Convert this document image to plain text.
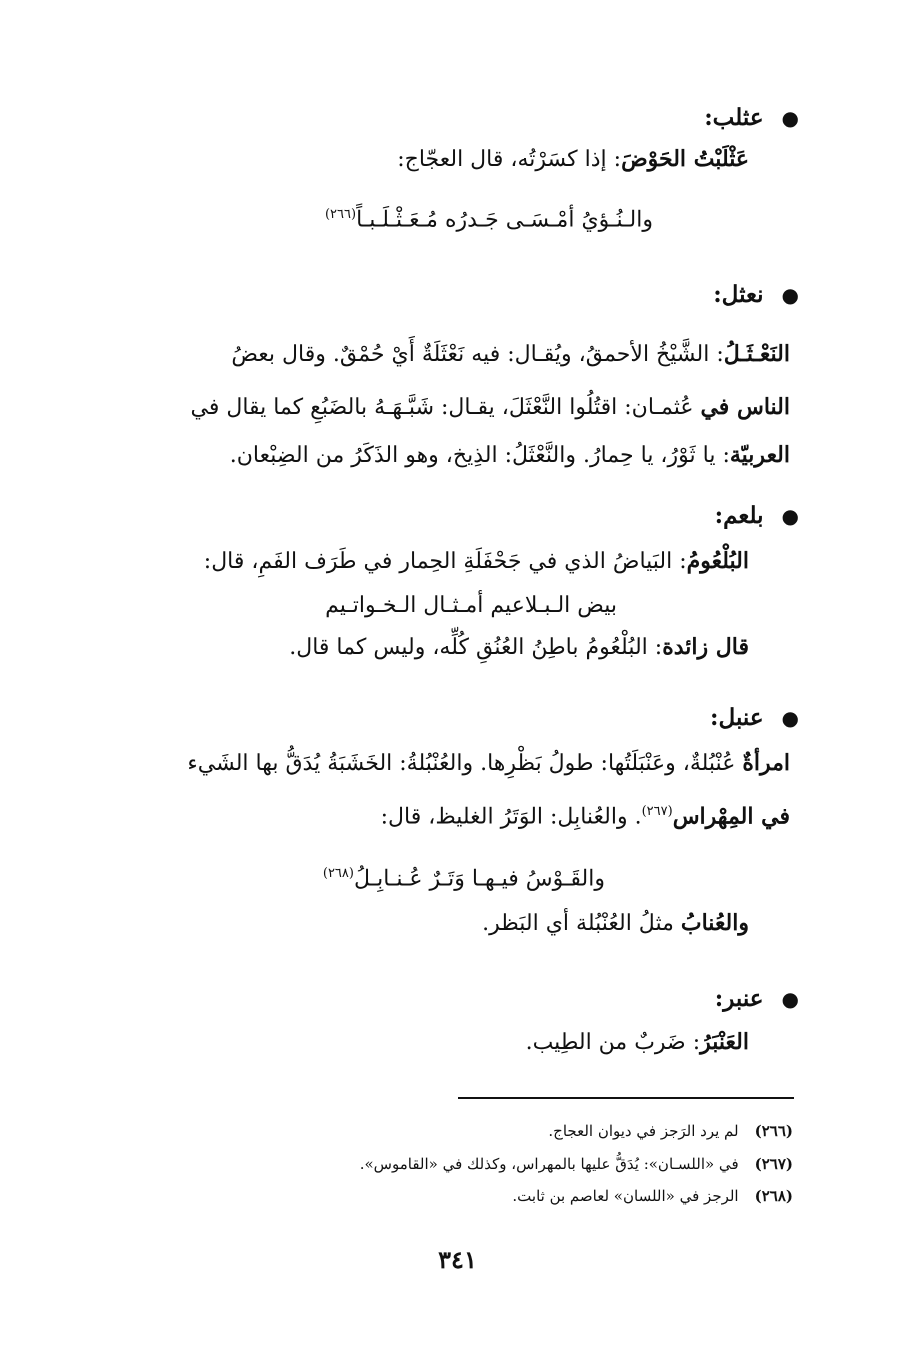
●عثلب:
عَثْلَبْتُ الحَوْضَ: إذا كسَرْتُه، قال العجّاج:
والـنُـؤيُ أمْـسَـى جَـدرُه مُـعَـثْـلَـبـاً$^{(٢٦٦)}$
●نعثل:
النَعْـثَـلُ: الشَّيْخُ الأحمقُ، ويُقـال: فيه نَعْثَلَةٌ أَيْ حُمْقٌ. وقال بعضُ
الناس في عُثمـان: اقتُلُوا النَّعْثَلَ، يقـال: شَبَّـهَـهُ بالضَبُعِ كما يقال في
العربيّة: يا ثَوْرُ، يا حِمارُ. والنَّعْثَلُ: الذِيخ، وهو الذَكَرُ من الضِبْعان.
●بلعم:
البُلْعُومُ: البَياضُ الذي في جَحْفَلَةِ الحِمار في طَرَف الفَمِ، قال:
بيض الـبـلاعيم أمـثـال الـخـواتـيم
قال زائدة: البُلْعُومُ باطِنُ العُنُقِ كُلِّه، وليس كما قال.
●عنبل:
امرأةٌ عُنْبُلةٌ، وعَنْبَلَتُها: طولُ بَظْرِها. والعُنْبُلةُ: الخَشَبَةُ يُدَقُّ بها الشَيء
في المِهْراس$^{(٢٦٧)}$. والعُنابِل: الوَتَرُ الغليظ، قال:
والقَـوْسُ فيـهـا وَتَـرٌ عُـنـابِـلُ$^{(٢٦٨)}$
والعُنابُ مثلُ العُنْبُلة أي البَظر.
●عنبر:
العَنْبَرُ: ضَربٌ من الطِيب.
(٢٦٦)لم يرد الرَجز في ديوان العجاج.
(٢٦٧)في «اللسـان»: يُدَقُّ عليها بالمهراس، وكذلك في «القاموس».
(٢٦٨)الرجز في «اللسان» لعاصم بن ثابت.
٣٤١
